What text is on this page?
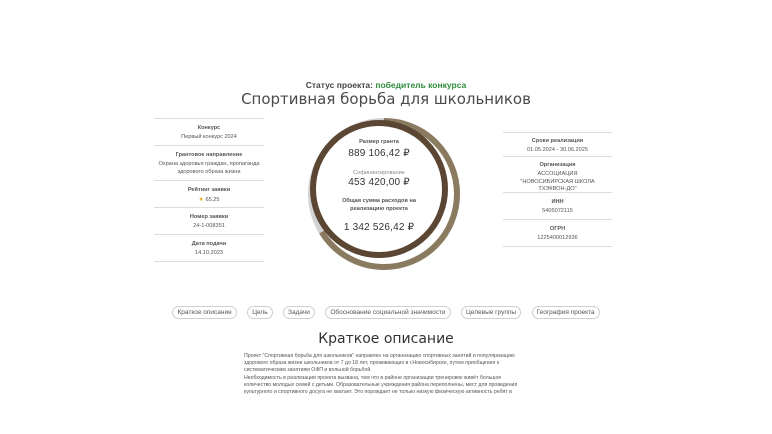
Статус проекта: победитель конкурса
Спортивная борьба для школьников
Конкурс
Первый конкурс 2024
Грантовое направление
Охрана здоровья граждан, пропаганда здорового образа жизни
Рейтинг заявки
★ 65,25
Номер заявки
24-1-008351
Дата подачи
14.10.2023
Размер гранта
889 106,42 ₽
Софинансирование
453 420,00 ₽
Общая сумма расходов на реализацию проекта
1 342 526,42 ₽
Сроки реализации
01.05.2024 - 30.06.2025
Организация
АССОЦИАЦИЯ "НОВОСИБИРСКАЯ ШКОЛА ТХЭКВОН-ДО"
ИНН
5405072115
ОГРН
1225400012936
Краткое описание	Цель	Задачи	Обоснование социальной значимости	Целевые группы	География проекта
Краткое описание

Проект "Спортивная борьба для школьников" направлен на организацию спортивных занятий и популяризацию здорового образа жизни школьников от 7 до 18 лет, проживающих в г.Новосибирске, путем приобщения к систематическим занятиям ОФП и вольной борьбой.

Необходимость в реализации проекта вызвана, тем что в районе организации тренировок живёт большое количество молодых семей с детьми. Образовательные учреждения района переполнены, мест для проведения культурного и спортивного досуга не хватает. Это порождает не только низкую физическую активность ребят в
